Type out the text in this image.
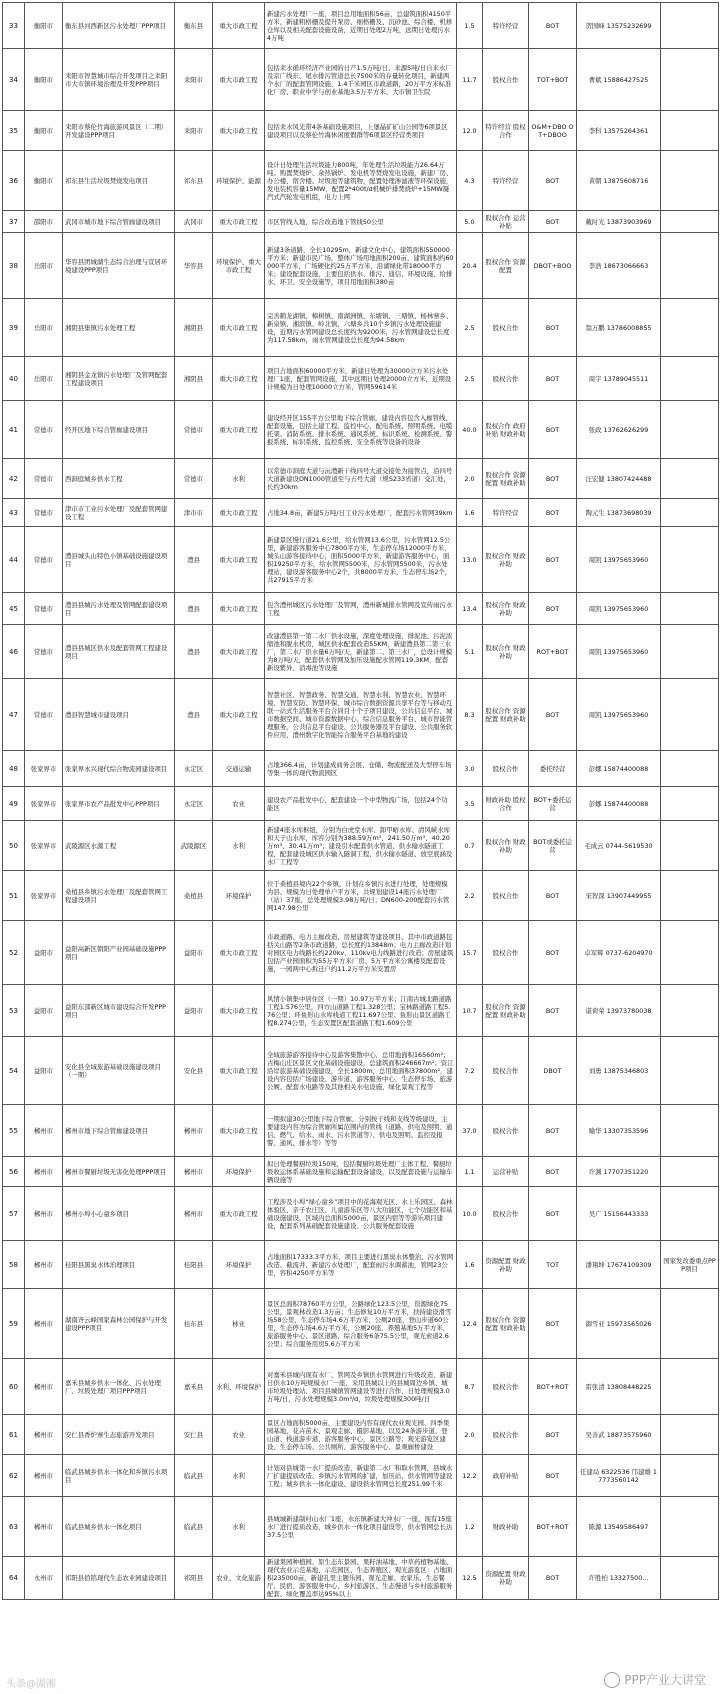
33	衡阳市	衡东县河西新区污水处理厂PPP项目	衡东县	重大市政工程	新建污水处理厂一座，项目总用地面积56亩，总建筑面积4150平方米，新建粗格栅及提升泵房、细格栅及、沉砂池、综合楼、机修仓库以及相关配套设施设备，近期日处理2万吨，远期日处理污水4万吨	1.5	特许经营	BOT	贺国峰 13575232699	
34	衡阳市	耒阳市智慧城市综合开发项目之耒阳市大市镇环境治理及开发PPP项目	耒阳市	重大市政工程	包括耒水循环经济产业园的日产1.5万吨/日、来源5吨/日自来水厂及京广线东、尾水排污管道总长7500米的存量转化项目，新建两个水厂的配套管网设施、1.4千米园区市政道路，20万平方米标准化厂房、职业中学与创业基地3.5万平方米、大市镇卫生院	11.7	股权合作	TOT+BOT	曹斌 15886427525	
35	衡阳市	耒阳市蔡伦竹海旅游风景区（二期）开发建设PPP项目	耒阳市	重大市政工程	包括耒水风光带4条基础设施项目，上堡晶矿矿山公园等6项景区建设项目以及蔡伦竹海休闲度假群等6项景区经营类项目	12.0	特许经营 股权合作	O&M+DBO OT+DBOO	李科 13575264361	
36	衡阳市	祁东县生活垃圾焚烧发电项目	祁东县	环境保护、能源	设计日处理生活垃圾能力800吨，年处理生活垃圾能力26.64万吨。购置焚烧炉、余热锅炉、发电机等焚烧发电设施，新建厂房、办公楼、宿舍楼、垃圾池等建筑物，配置处理渗滤液等环保设施，发电装机容量15MW，配置2*400t/d机械炉排焚烧炉+15MW凝汽式汽轮发电机组，电力上网	4.3	特许经营	BOT	黄朝 13875608716	
37	邵阳市	武冈市城市地下综合管廊建设项目	武冈市	重大市政工程	市区管线入地，综合改造地下管线50公里	5.0	股权合作 运营补贴	BOT	戴时光 13873903969	
38	岳阳市	华容县团城湖生态综合治理与宣居环境建设PPP项目	华容县	环境保护、重大市政工程	新建3条道路，全长10295m，新建文化中心，建筑面积550000平方米；新建市民广场，整体广场用地面积200亩，建筑面积约60000平方米，广场硬化约25万平方米，沿湖绿化带18000平方米；建设配套设施，主要包括供水、排污、通信、环境设施、给排水、环卫、安全设施等，项目用地面积380亩	20.4	股权合作 资源配置	DBOT+BOO	李浩 18673066663	
39	岳阳市	湘阴县集镇污水处理工程	湘阴县	重大市政工程	完善鹤龙湖镇、樟树镇、南湖洲镇、东塘镇、三塘镇、杨林寨乡、新泉镇、湘滨镇、岭北镇、六塘乡共10个乡镇污水处理设施建设，近期污水管网建设总长度约为9200米，污水管网建设总长度为117.58km，雨水管网建设总长度为94.58km	2.5	股权合作	BOT	翁万鹏 13786008855	
40	岳阳市	湘阴县金龙镇污水处理厂及管网配套工程建设项目	湘阴县	重大市政工程	项目占地面积60000平方米，新建日处理为30000立方米污水处理厂1座，配套管网设施，其中远期日处理20000立方米，近期设计规模为日处理10000立方米，管网59614米	2.5	股权合作	BOT	周宇 13789045511	
41	常德市	经开区地下综合管廊建设项目	常德市	重大市政工程	建设经开区155平方公里地下综合管廊，建设内容包含入廊管线、配套设施，包括土建工程、监控中心、配电系统、照明系统、电缆托架、消防系统、排水系统、通风系统、标识系统、检测系统、警报系统、标识系统、监控系统、安全系统等设备的设备	40.0	股权合作 政府补贴 财政补助	BOT	张政 13762626299	
42	常德市	西洞庭城乡供水工程	常德市	水利	以常德市洞庭大道与沅澧新干线四号大道交接处为接管点，沿四号大道新建设DN1000管道至与五号大道（规S233省道）交汇处，长约30km	2.0	股权合作 资源配置 财政补助	BOT	汪宏健 13807424488	
43	常德市	津市市工业污水处理厂及配套管网建设工程	津市市	重大市政工程	占地34.8亩，新建5万吨/日工业污水处理厂，配套污水管网39km	1.6	特许经营	BOT	陶元生 13873698039	
44	常德市	澧县城头山特色小镇基础设施建设项目	澧县	重大市政工程	新建景区慢行道21.6公里，给水管网13.6公里，污水管网12.5公里，新建游客服务中心7800平方米，生态停车场12000平方米，城头山游客接待中心，面积5000平方米，新建游客服务中心，面积19250平方米，给水管网5500米，污水管网5500米，污水处理站，建设游客服务中心2个，共8000平方米，生态停车场2个，共27915平方米	13.0	股权合作 财政补助	BOT	周凯 13975653960	
45	常德市	澧县县城污水处理及管网配套建设项目	澧县	重大市政工程	包含澧州城区污水处理厂及管网，澧州新城排水管网及宣传雨污水工程	13.4	股权合作 财政补助	BOT	周凯 13975653960	
46	常德市	澧县县城区供水及配套管网工程建设项目	澧县	重大市政工程	改建澧县第一第二水厂供水设施，深度处理设施、排泥池、污泥浓缩池和脱水机房，城区供水配套改造55KM，新建澧县第二第三水厂，第二水厂供水量6万吨/天，新建第二、第三水厂，总设计规模为8万吨/天，配套供水管网及加压设施配水管网119.3KM，配套新设紫外、消毒池等设施	5.1	股权合作 财政补助	ROT+BOT	周凯 13975653960	
47	常德市	澧县智慧城市建设项目	澧县	重大市政工程	智慧社区、智慧政务、智慧交通、智慧水利、智慧农业、智慧环境、智慧安防、智慧环保、城市综合数据资源共享平台等与移动互联一站式生活服务平台合同目十个子项目建设，公共信息平台、城市数据空间、城市资源数据中心、综合信息服务平台、城市智能管理服务，公共信息平台建设、公共服务器及平台建设、公共服务软件应用、澧州数字化智能综合服务平台基地的建设	8.3	股权合作 资源配置 财政补助	BOT	周凯 13975653960	
48	张家界市	张家界永兴现代综合物流园建设项目	永定区	交通运输	占地366.4亩，计划建成商务会展、仓储、物流配送及大型停车场等集一体的现代物流园区	3.0	股权合作	委托经营	彭娜 15874400088	
49	张家界市	张家界市农产品批发中心PPP项目	永定区	农业	建设农产品批发中心，配套建设一个中型物流广场，包括24个功能区	3.5	财政补助 股权合作	BOT+委托运营	彭娜 15874400088	
50	张家界市	武陵源区水源工程	武陵源区	水利	新建4座水库枢纽，分别为白虎堂水库、卸甲峪水库、清风峡水库和天子山水库，库容分别为388.59万m³、241.50万m³、40.20万m³、30.41万m³；建设引水配套供水管道、供水输水隧道工程，配套建设城区供水输入隧洞工程、供水输水隧道、放空底涵及水厂工程等	0.7	股权合作 财政补助	BOT或委托运营	毛成云 0744-5619530	
51	张家界市	桑植县乡镇污水处理厂及配套管网工程建设项目	桑植县	环境保护	位于桑植县境内22个乡镇，计划在乡镇污水进行处理，处理规模为县、规模为日处理单户平方米，共规划建设14座污水处理厂（站）37座，总处理规模3.98万吨/日；DN600-200配套污水管网147.98公里	2.2	股权合作	BOT	宋智深 13907449955	
52	益阳市	益阳高新区朝阳产业园基础设施PPP项目	益阳市	重大市政工程	市政道路、电力主廊改造、房屋建筑等建设项目。其中市政道路包括关山路等2条市政道路，总长度约13848m；电力主廊改造计划对园区电力线路长约220kv、110kv电力线路进行改造；房屋建筑包括产业园面积为55万平方米厂房、5万平方米公寓楼及配套设施，一园两中心拆迁户约11.2万平方米安置房	15.7	股权合作	BOT	卓军辉 0737-6204970	
53	益阳市	益阳东部新区城市建设综合开发PPP项目	益阳市	重大市政工程	风情小镇集中居住区（一期）10.97万平方米；江南古城北路道路工程1.576公里，四方山道路工程1.328公里；宝林路道路工程5.76公里；环鱼形山水库栈道工程11.697公里；鱼形山景区道路工程8.274公里，生态安置区配套道路工程1.609公里	10.7	股权合作 资源配置 财政补助	BOT	谌荷荣 13973780038	
54	益阳市	安化县全域旅游基础设施建设项目（一期）	安化县	重大市政工程	全域旅游游客接待中心及游客集散中心，总用地面积16560m²；古梅山庄区景区文化基础设施建设，总建筑面积246667m²；资江沿岸旅游基础设施建设，全长1800m，总用地面积37800m²，建设内容包括广场建设、游步道、游客服务中心、生态停车场、旅游公厕、配套水电路等及其他相关水电设施、绿化景观工程等	7.2	股权合作	DBOT	刘勇 13875346803	
55	郴州市	郴州市地下综合管廊建设项目	郴州市	重大市政工程	一期拟建30公里地下综合管廊，分别按干线和支线等级建设，主要建设内容为综合管廊所属范围内的管线（道路、供电及照明、通信、燃气、给水、雨水、污水管道等）、供电及照明、监控及报警、通风、排水等）等等	37.0	股权合作	BOT	喻华 13307353596	
56	郴州市	郴州市餐厨垃圾无害化处理PPP项目	郴州市	环境保护	拟日处理餐厨垃圾150吨，包括餐厨垃圾处理厂主体工程、餐厨垃圾收运体系基础设施和运输配套设备建设，以及配套设施与运输车辆设施等	1.1	运营补贴	BOT	许渊 17707351220	
57	郴州市	郴州小埠小心童乡项目	郴州市	重大市政工程	工程涉及小埠“绿心童乡”项目中的花海观光区、水上乐园区、森林体验区、亲子农庄区、儿童游乐区等八大功能区、七个功能区和基础设施建设，区域内总面积5000亩，景区内宿等等游乐项目建设，配套系列基础配套设施建设、公共服务配套设施	10.0	股权合作	BOT	吴广 15156443333	
58	郴州市	桂阳县黑臭水体治理项目	桂阳县	环境保护	占地面积17333.3平方米，项目主要进行黑臭水体整治、污水管网改造、截流井、新建污水处理厂，配套雨污水调蓄池，管网23公里，容积4250平方米等	1.6	资源配置 财政补助	TOT	潘翔坤 17674109309	国家发改委重点PPP项目
59	郴州市	湖南齐云峰国家森林公园保护与开发建设PPP项目	桂东县	林业	景区总面积78760平方公里，公路绿化123.5公里，资源绿化75公里，景观林改造1.3万亩；生态修复10万平方米，扶持建设滑雪场58公里，生态停车场4.6万平方米，公厕20座，登山步道60公里，生态停车场4.6万平方米，公厕20座，养殖基地5万平方米，旅游服务中心、景区道路、综合服务6条75.5公里，观光索道2.6公里；综合服务用房5.6万平方米	12.4	股权合作 资源配置 财政补助	BOT	御雪亚 15973565026	
60	郴州市	嘉禾县城乡供水一体化、污水处理厂、垃圾处理厂项目PPP项目	嘉禾县	水利、环境保护	对嘉禾县城内现有水厂、管网及乡镇供水管网进行升级改造，新建日供水10万吨规模水厂一座，采用县城以上的县城周边乡镇、城市垃圾处理站、项目县城镇管网建设等进行合作，日处理规模3.0万吨/日，污水处理规模3.0m³/d，垃圾处理规模300吨/日	8.7	股权合作	BOT+ROT	雷张清 13808448225	
61	郴州市	安仁县香炉寨生态旅游开发项目	安仁县	农业	景区占地面积5000亩，主要建设内容有现代农业观光园、四季果园基地、花卉苗木、景观走廊、摄影基地，以及24条游步道、登山道、栈道游步道、游客服务中心，景区公路等；观光游览区建设、生态停车场、公共厕所、游客服务中心、景观廊桥建设	2.0	股权合作	BOT	吴善武 18873575960	
62	郴州市	临武县城乡供水一体化和乡镇污水项目	临武县	水利	计划对县城第一水厂提质改造，新建第二水厂和取水管网，县城水厂扩建提质改造、乡镇污水管网的扩建，加压站、供水管网等建设工程；城乡供水一体化建设、建设供水管网总长度251.99千米	12.2	政府补贴	BOT	任建局 6322536 邝建雄 17773560142	
63	郴州市	临武县城乡供水一体化项目	临武县	水利	县城城新建制村山水厂1座，水东镇新建大冲水厂一座，现有15座水厂进行提质改造，城乡供水一体化项目建设等，供水管网总长达37.5公里	1.2	财政补助	BOT+ROT	陈源 13549586497	
64	永州市	祁阳县佰铭现代生态农业园建设项目	祁阳县	农业、文化旅游	新建果园种植园、原生态东景园、果籽油基地、中草药植物基地、现代农业示范基地、示范园区、生态养殖区、观光游览区：占地面积235000亩，新建孔里主题乐园、观光走廊、农家乐、生态餐厅、民宿、游客服务中心、乡村旅游区、生态慢道与乡村旅游服务配套、绿化覆盖率达95%以上	12.5	资源配置 财政补助	BOT	许胜柏 13327500...	
头条@湖湘	PPP产业大讲堂
